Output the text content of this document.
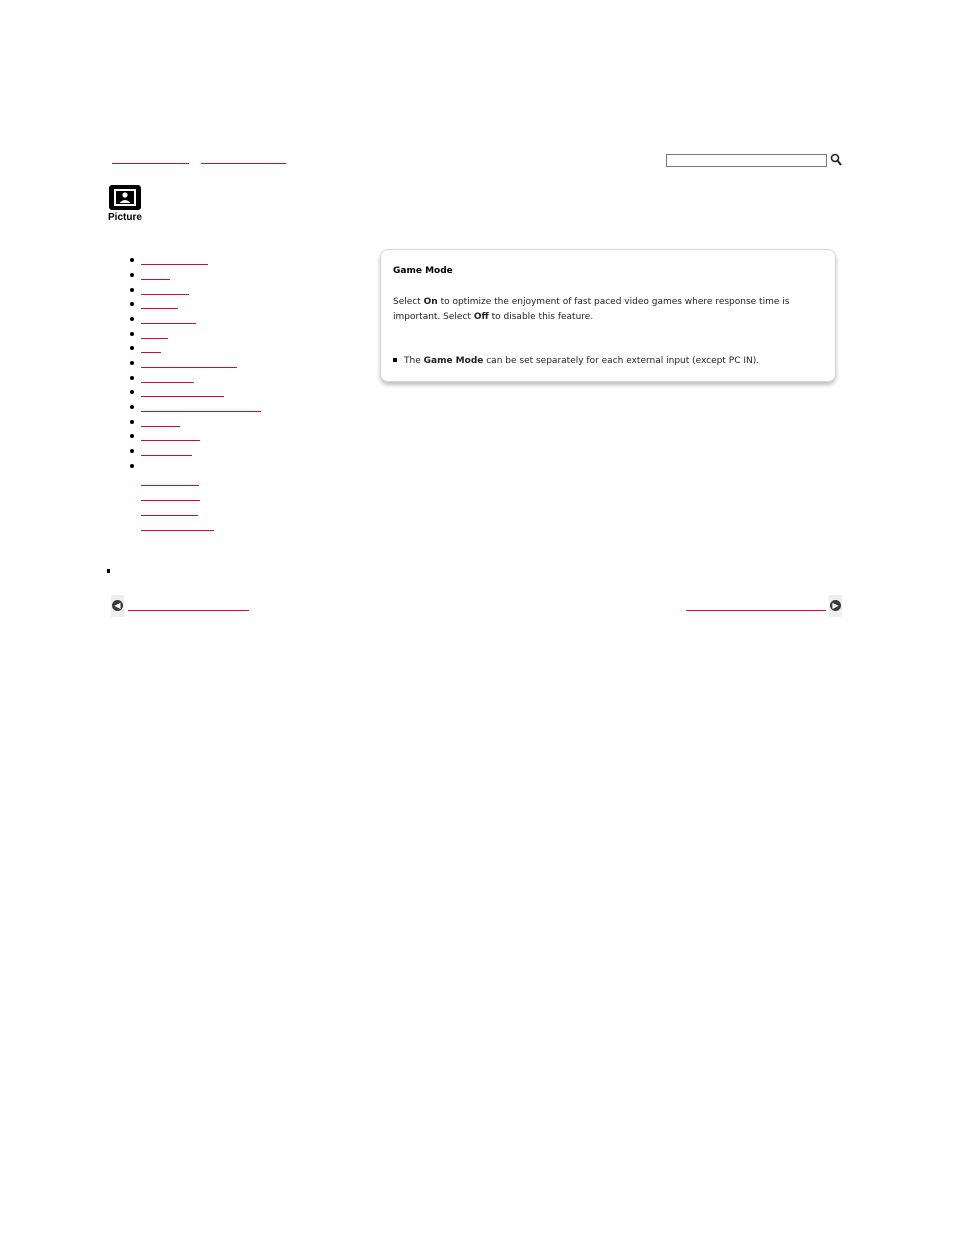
Picture
Game Mode
Select On to optimize the enjoyment of fast paced video games where response time is important. Select Off to disable this feature.
The Game Mode can be set separately for each external input (except PC IN).
◀	▶
